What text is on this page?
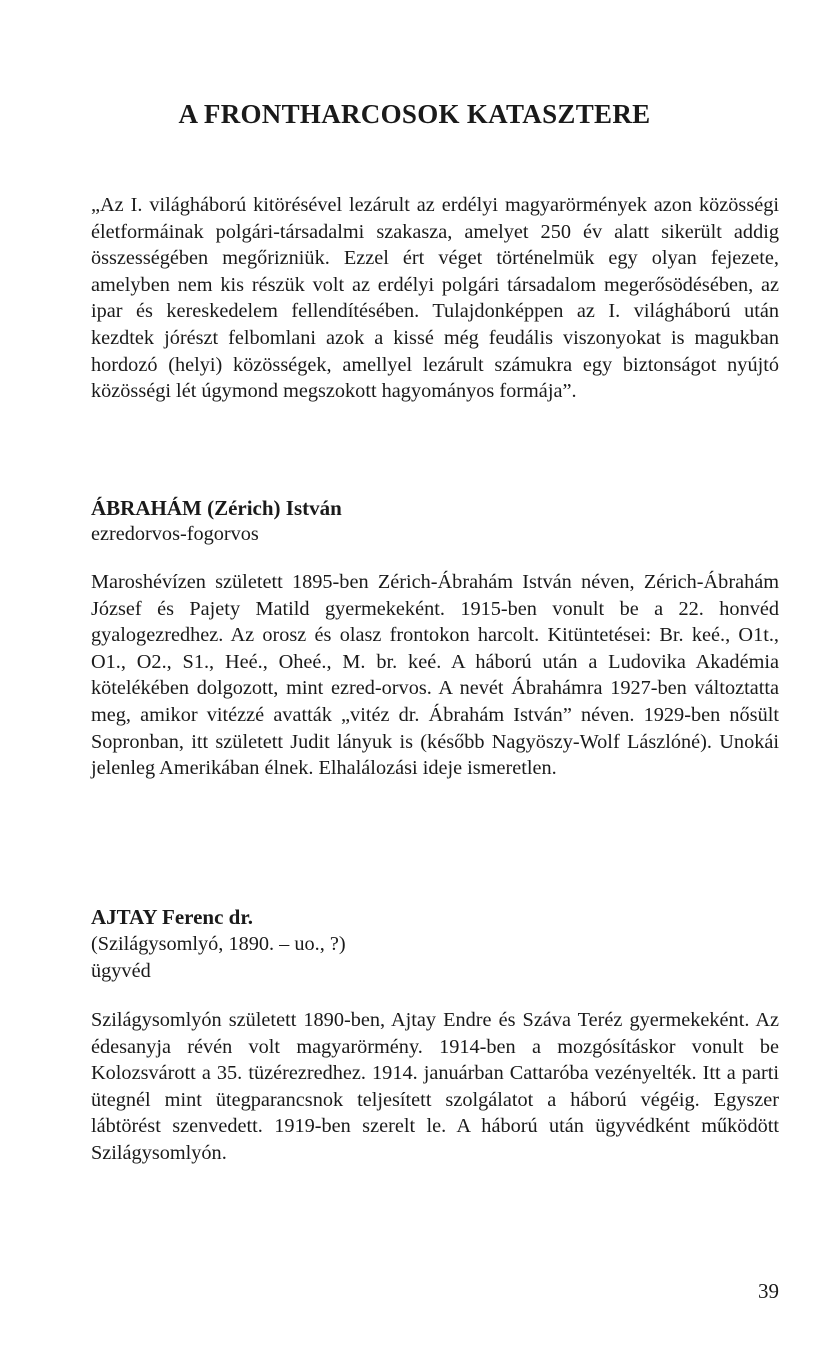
A FRONTHARCOSOK KATASZTERE
„Az I. világháború kitörésével lezárult az erdélyi magyarörmények azon közösségi életformáinak polgári-társadalmi szakasza, amelyet 250 év alatt sikerült addig összességében megőrizniük. Ezzel ért véget történelmük egy olyan fejezete, amelyben nem kis részük volt az erdélyi polgári társadalom megerősödésében, az ipar és kereskedelem fellendítésében. Tulajdonképpen az I. világháború után kezdtek jórészt felbomlani azok a kissé még feudális viszonyokat is magukban hordozó (helyi) közösségek, amellyel lezárult számukra egy biztonságot nyújtó közösségi lét úgymond megszokott hagyományos formája”.
ÁBRAHÁM (Zérich) István
ezredorvos-fogorvos
Maroshévízen született 1895-ben Zérich-Ábrahám István néven, Zérich-Ábrahám József és Pajety Matild gyermekeként. 1915-ben vonult be a 22. honvéd gyalogezredhez. Az orosz és olasz frontokon harcolt. Kitüntetései: Br. keé., Ο1t., Ο1., Ο2., S1., Heé., Oheé., M. br. keé. A háború után a Ludovika Akadémia kötelékében dolgozott, mint ezred-orvos. A nevét Ábrahámra 1927-ben változtatta meg, amikor vitézzé avatták „vitéz dr. Ábrahám István” néven. 1929-ben nősült Sopronban, itt született Judit lányuk is (később Nagyöszy-Wolf Lászlóné). Unokái jelenleg Amerikában élnek. Elhalálozási ideje ismeretlen.
AJTAY Ferenc dr.
(Szilágysomlyó, 1890. – uo., ?)
ügyvéd
Szilágysomlyón született 1890-ben, Ajtay Endre és Száva Teréz gyermekeként. Az édesanyja révén volt magyarörmény. 1914-ben a mozgósításkor vonult be Kolozsvárott a 35. tüzérezredhez. 1914. januárban Cattaróba vezényelték. Itt a parti ütegnél mint ütegparancsnok teljesített szolgálatot a háború végéig. Egyszer lábtörést szenvedett. 1919-ben szerelt le. A háború után ügyvédként működött Szilágysomlyón.
39
